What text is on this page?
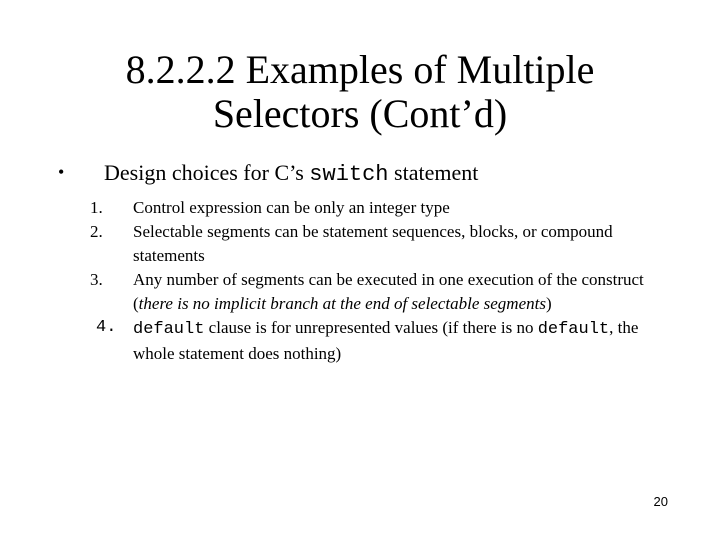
8.2.2.2 Examples of Multiple
Selectors (Cont’d)
• Design choices for C’s switch statement
1. Control expression can be only an integer type
2. Selectable segments can be statement sequences, blocks, or compound statements
3. Any number of segments can be executed in one execution of the construct (there is no implicit branch at the end of selectable segments)
4. default clause is for unrepresented values (if there is no default, the whole statement does nothing)
20
